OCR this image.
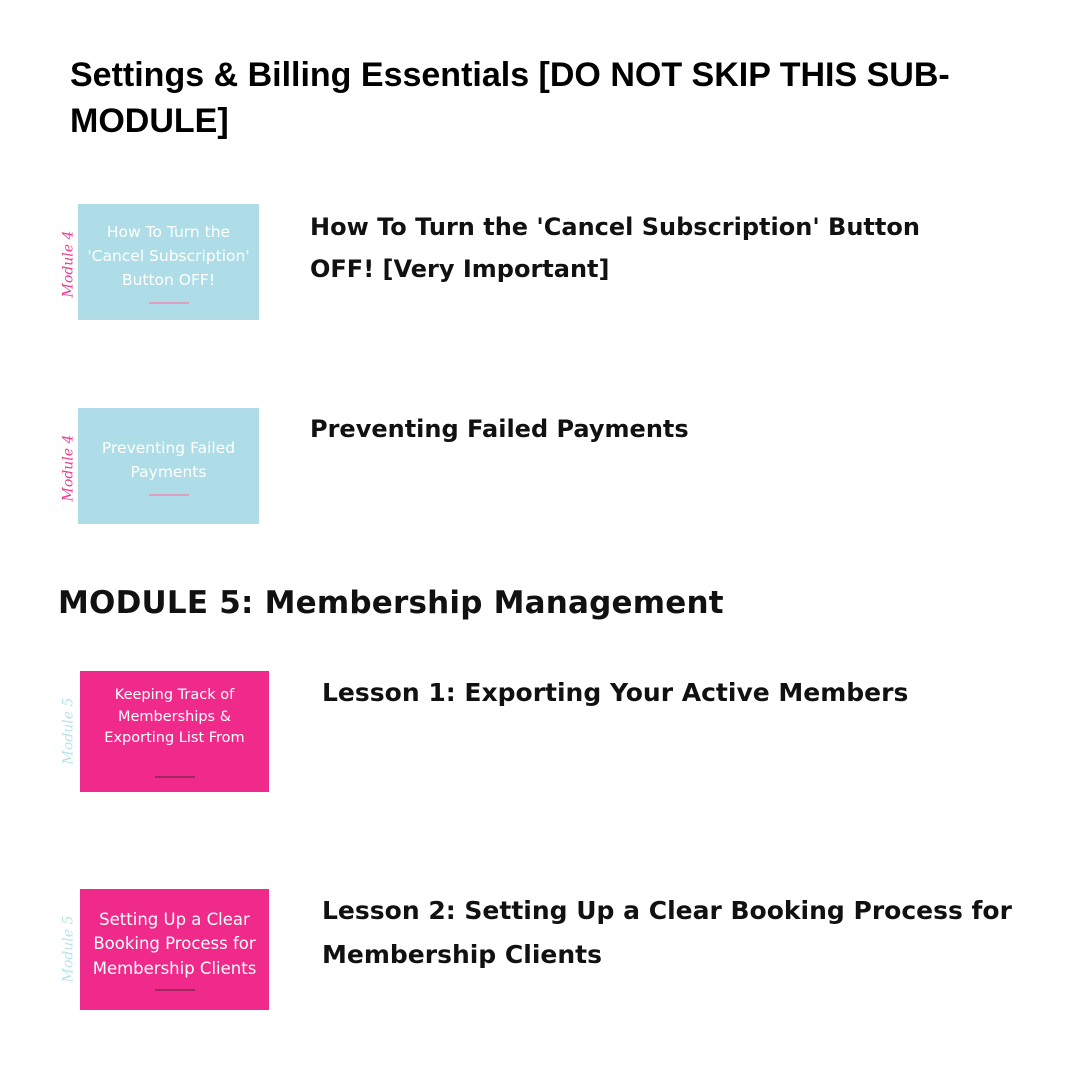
Settings & Billing Essentials [DO NOT SKIP THIS SUB-MODULE]
Module 4	How To Turn the
'Cancel Subscription'
Button OFF!
How To Turn the 'Cancel Subscription' Button
OFF! [Very Important]
Module 4 Preventing Failed
Payments
Preventing Failed Payments
MODULE 5: Membership Management
Module 5
Keeping Track of
Memberships &
Exporting List From
Lesson 1: Exporting Your Active Members
Module 5	Setting Up a Clear
Booking Process for
Membership Clients
Lesson 2: Setting Up a Clear Booking Process for
Membership Clients
